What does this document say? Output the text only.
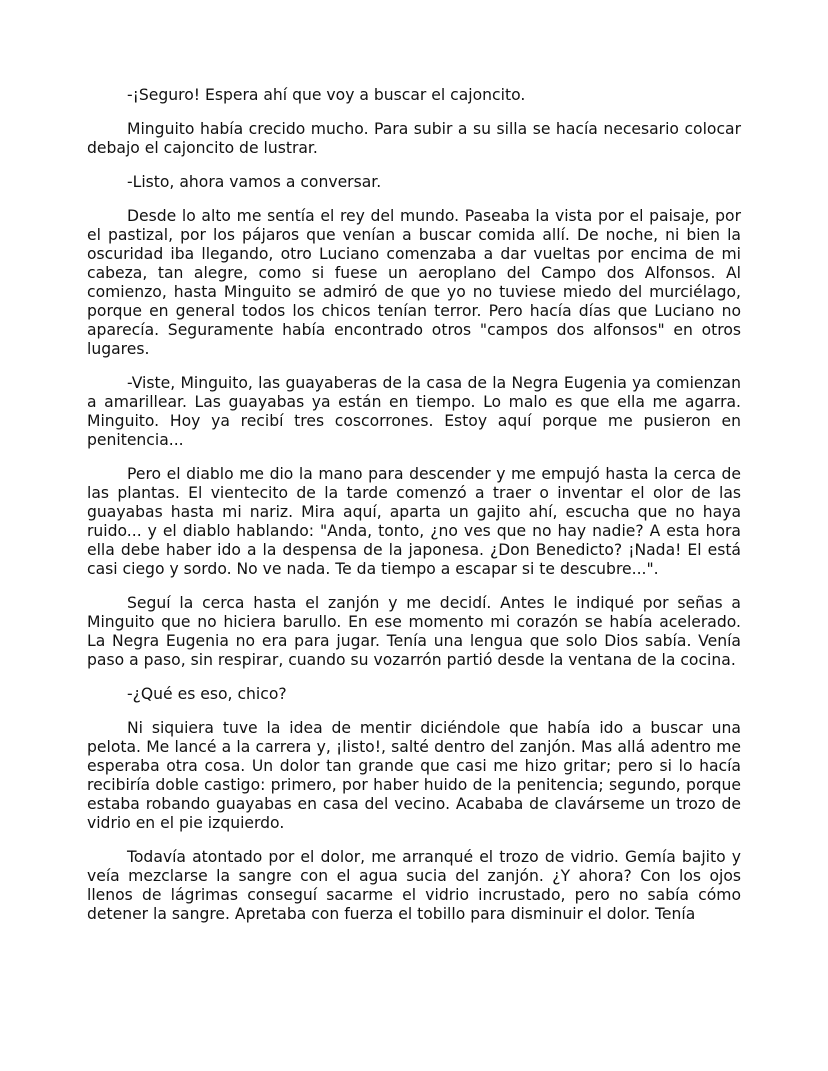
-¡Seguro! Espera ahí que voy a buscar el cajoncito.

Minguito había crecido mucho. Para subir a su silla se hacía necesario colocar debajo el cajoncito de lustrar.

-Listo, ahora vamos a conversar.

Desde lo alto me sentía el rey del mundo. Paseaba la vista por el paisaje, por el pastizal, por los pájaros que venían a buscar comida allí. De noche, ni bien la oscuridad iba llegando, otro Luciano comenzaba a dar vueltas por encima de mi cabeza, tan alegre, como si fuese un aeroplano del Campo dos Alfonsos. Al comienzo, hasta Minguito se admiró de que yo no tuviese miedo del murciélago, porque en general todos los chicos tenían terror. Pero hacía días que Luciano no aparecía. Seguramente había encontrado otros "campos dos alfonsos" en otros lugares.

-Viste, Minguito, las guayaberas de la casa de la Negra Eugenia ya comienzan a amarillear. Las guayabas ya están en tiempo. Lo malo es que ella me agarra. Minguito. Hoy ya recibí tres coscorrones. Estoy aquí porque me pusieron en penitencia...

Pero el diablo me dio la mano para descender y me empujó hasta la cerca de las plantas. El vientecito de la tarde comenzó a traer o inventar el olor de las guayabas hasta mi nariz. Mira aquí, aparta un gajito ahí, escucha que no haya ruido... y el diablo hablando: "Anda, tonto, ¿no ves que no hay nadie? A esta hora ella debe haber ido a la despensa de la japonesa. ¿Don Benedicto? ¡Nada! El está casi ciego y sordo. No ve nada. Te da tiempo a escapar si te descubre...".

Seguí la cerca hasta el zanjón y me decidí. Antes le indiqué por señas a Minguito que no hiciera barullo. En ese momento mi corazón se había acelerado. La Negra Eugenia no era para jugar. Tenía una lengua que solo Dios sabía. Venía paso a paso, sin respirar, cuando su vozarrón partió desde la ventana de la cocina.

-¿Qué es eso, chico?

Ni siquiera tuve la idea de mentir diciéndole que había ido a buscar una pelota. Me lancé a la carrera y, ¡listo!, salté dentro del zanjón. Mas allá adentro me esperaba otra cosa. Un dolor tan grande que casi me hizo gritar; pero si lo hacía recibiría doble castigo: primero, por haber huido de la penitencia; segundo, porque estaba robando guayabas en casa del vecino. Acababa de clavárseme un trozo de vidrio en el pie izquierdo.

Todavía atontado por el dolor, me arranqué el trozo de vidrio. Gemía bajito y veía mezclarse la sangre con el agua sucia del zanjón. ¿Y ahora? Con los ojos llenos de lágrimas conseguí sacarme el vidrio incrustado, pero no sabía cómo detener la sangre. Apretaba con fuerza el tobillo para disminuir el dolor. Tenía
